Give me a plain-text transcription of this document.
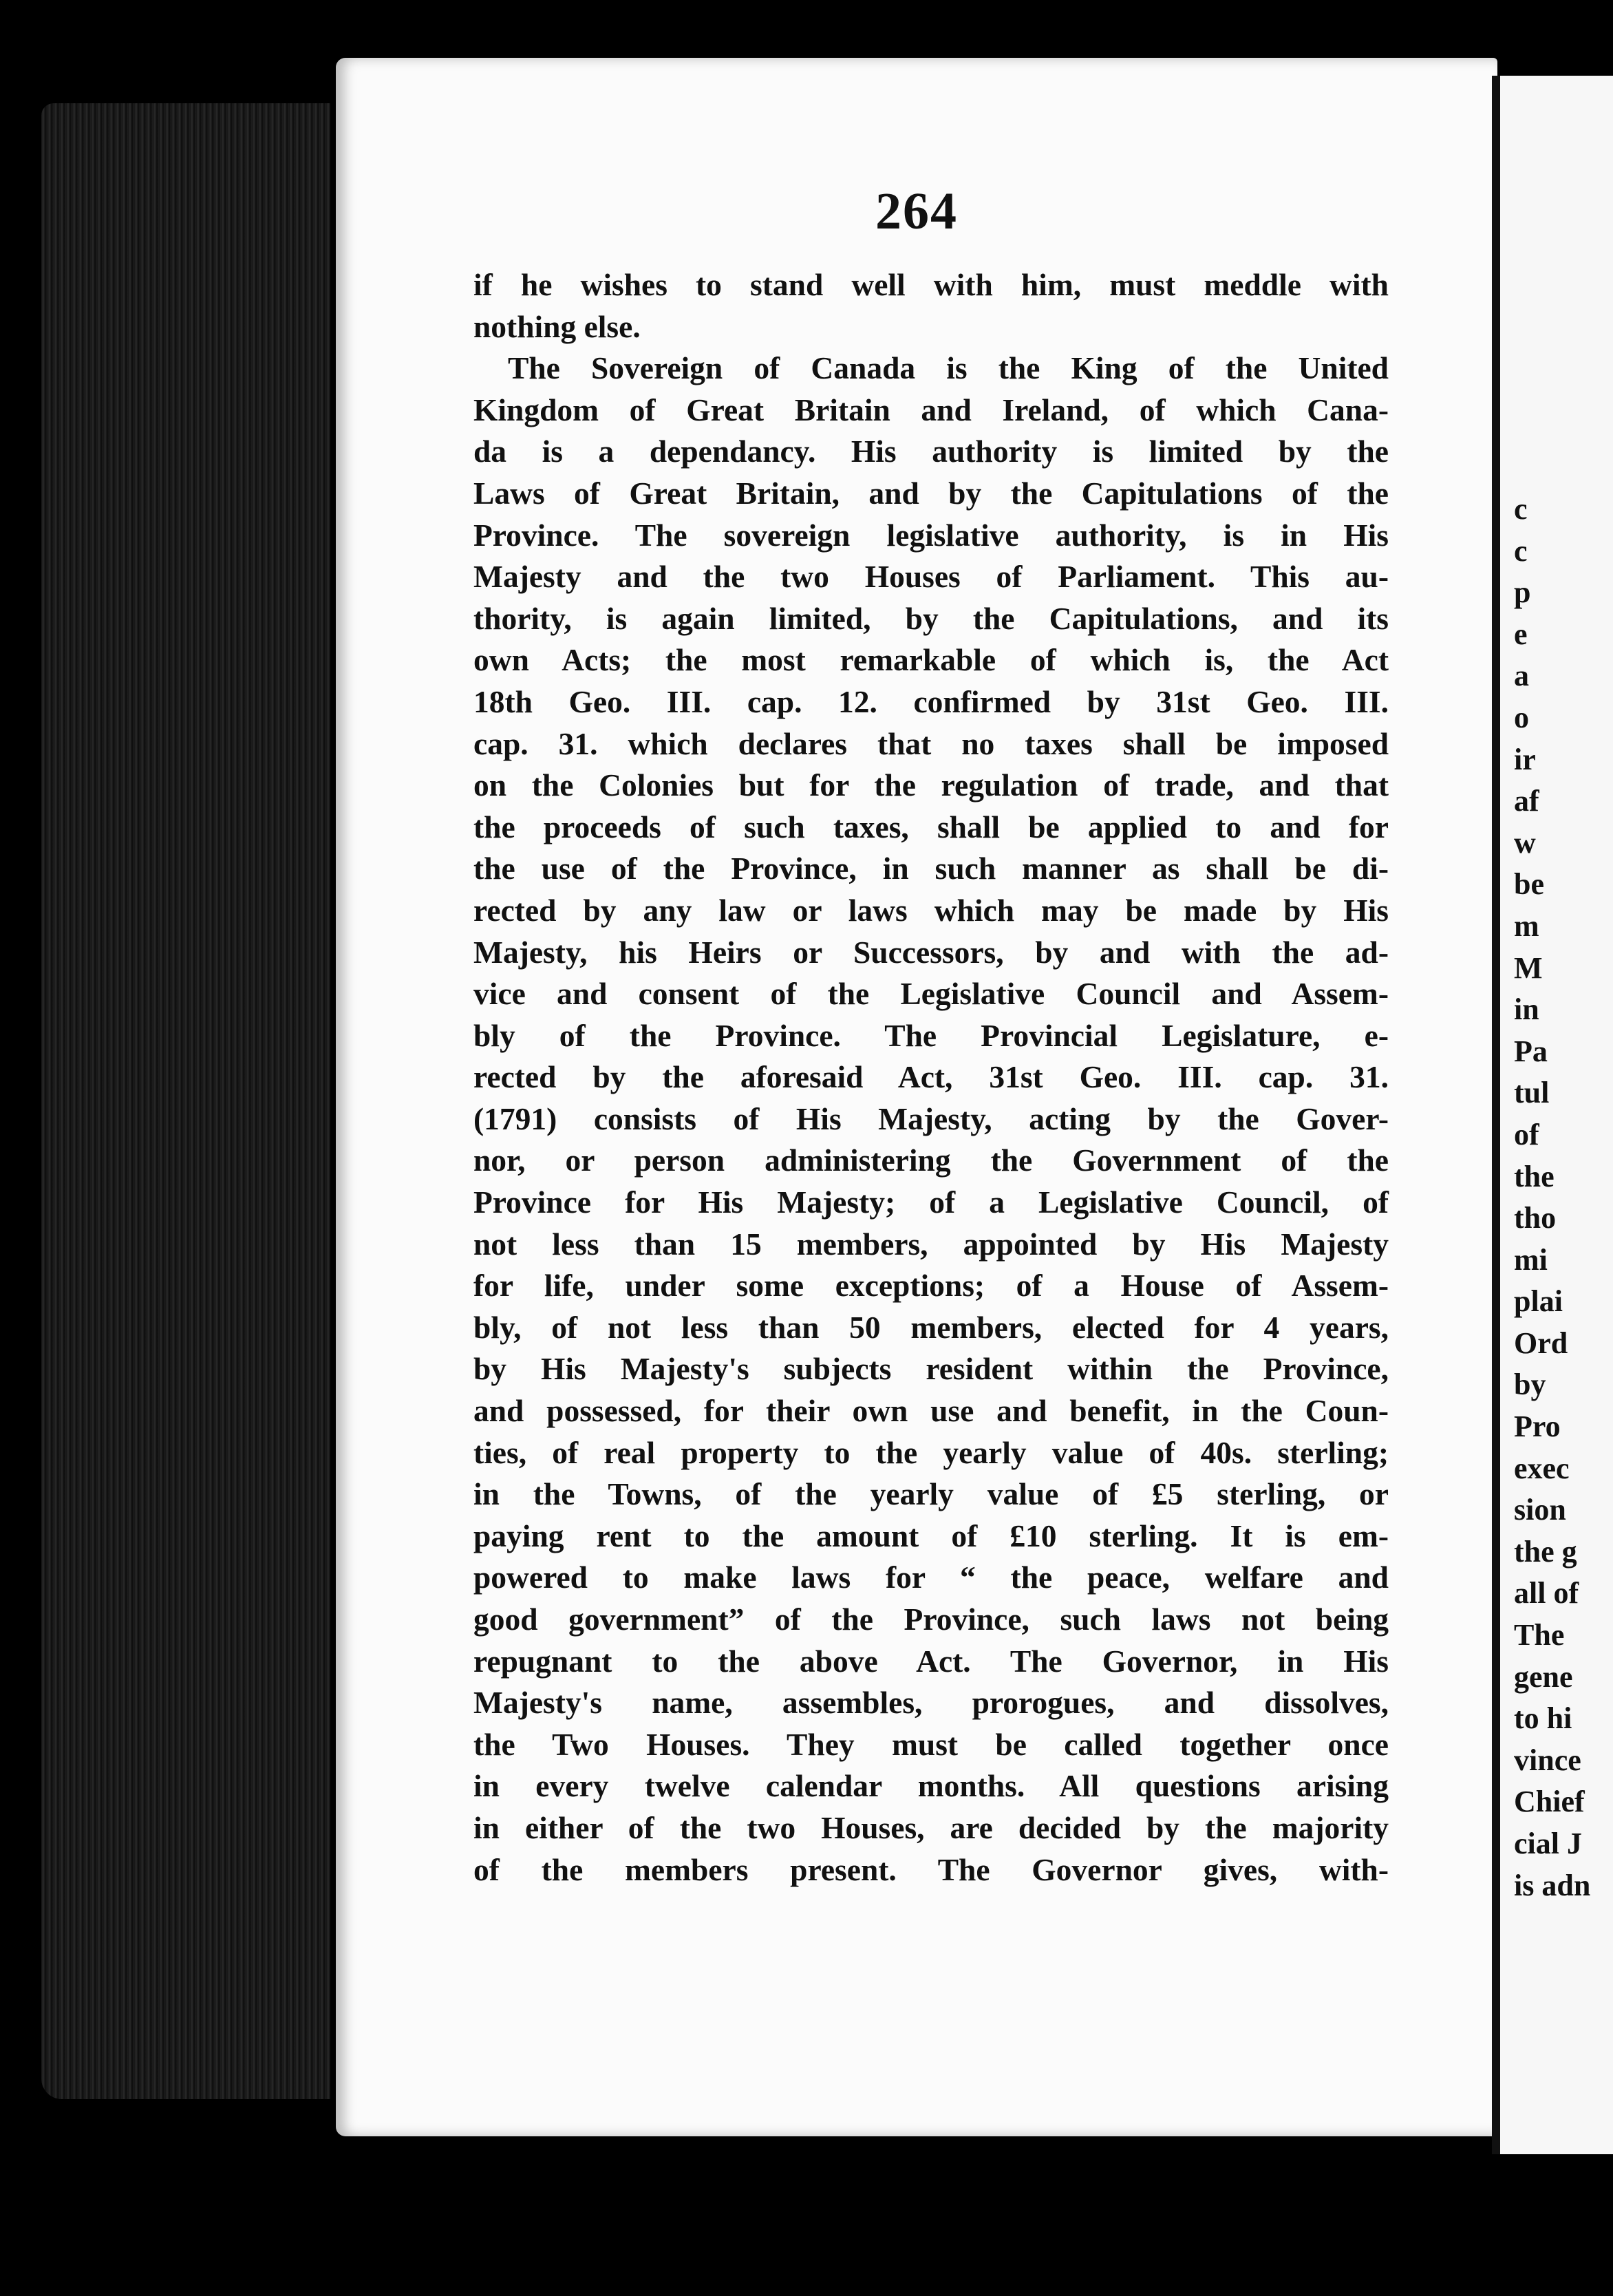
264
if he wishes to stand well with him, must meddle with
nothing else.
The Sovereign of Canada is the King of the United
Kingdom of Great Britain and Ireland, of which Cana-
da is a dependancy. His authority is limited by the
Laws of Great Britain, and by the Capitulations of the
Province. The sovereign legislative authority, is in His
Majesty and the two Houses of Parliament. This au-
thority, is again limited, by the Capitulations, and its
own Acts; the most remarkable of which is, the Act
18th Geo. III. cap. 12. confirmed by 31st Geo. III.
cap. 31. which declares that no taxes shall be imposed
on the Colonies but for the regulation of trade, and that
the proceeds of such taxes, shall be applied to and for
the use of the Province, in such manner as shall be di-
rected by any law or laws which may be made by His
Majesty, his Heirs or Successors, by and with the ad-
vice and consent of the Legislative Council and Assem-
bly of the Province. The Provincial Legislature, e-
rected by the aforesaid Act, 31st Geo. III. cap. 31.
(1791) consists of His Majesty, acting by the Gover-
nor, or person administering the Government of the
Province for His Majesty; of a Legislative Council, of
not less than 15 members, appointed by His Majesty
for life, under some exceptions; of a House of Assem-
bly, of not less than 50 members, elected for 4 years,
by His Majesty's subjects resident within the Province,
and possessed, for their own use and benefit, in the Coun-
ties, of real property to the yearly value of 40s. sterling;
in the Towns, of the yearly value of £5 sterling, or
paying rent to the amount of £10 sterling. It is em-
powered to make laws for “ the peace, welfare and
good government” of the Province, such laws not being
repugnant to the above Act. The Governor, in His
Majesty's name, assembles, prorogues, and dissolves,
the Two Houses. They must be called together once
in every twelve calendar months. All questions arising
in either of the two Houses, are decided by the majority
of the members present. The Governor gives, with-
c
c
p
e
a
o
ir
af
w
be
m
M
in
Pa
tul
of
the
tho
mi
plai
Ord
by
Pro
exec
sion
the g
all of
The
gene
to hi
vince
Chief
cial J
is adn
